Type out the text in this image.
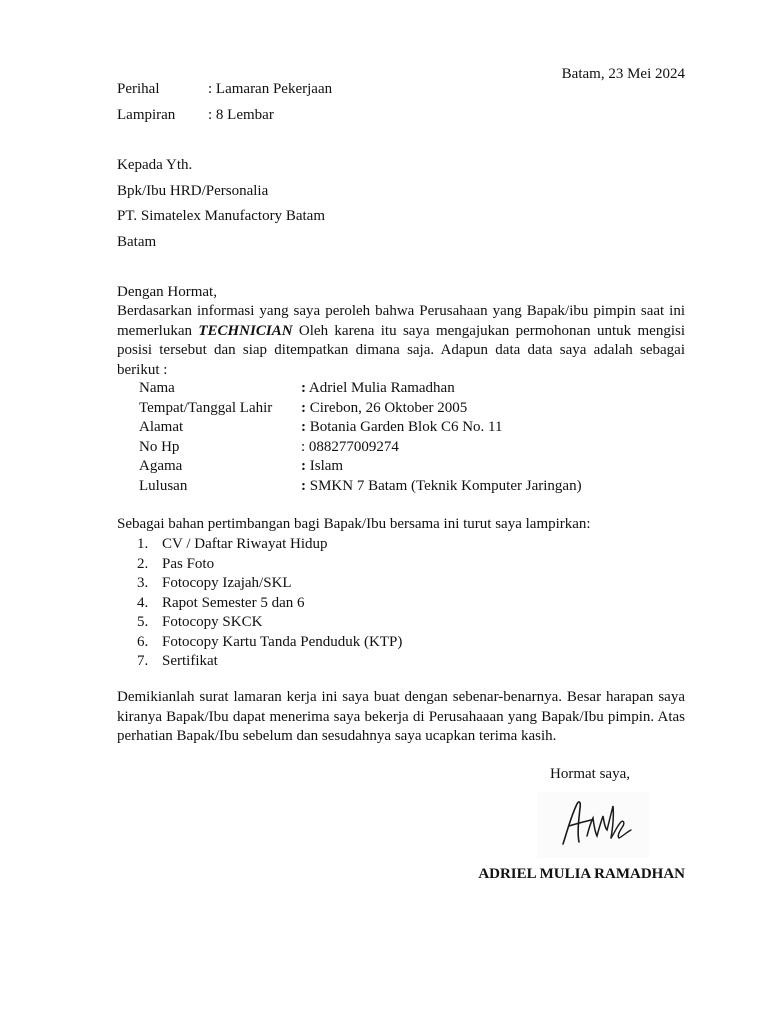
Batam, 23 Mei 2024
Perihal	: Lamaran Pekerjaan
Lampiran : 8 Lembar
Kepada Yth.
Bpk/Ibu HRD/Personalia
PT. Simatelex Manufactory Batam
Batam
Dengan Hormat,

Berdasarkan informasi yang saya peroleh bahwa Perusahaan yang Bapak/ibu pimpin saat ini memerlukan TECHNICIAN Oleh karena itu saya mengajukan permohonan untuk mengisi posisi tersebut dan siap ditempatkan dimana saja. Adapun data data saya adalah sebagai berikut :

Nama	: Adriel Mulia Ramadhan
Tempat/Tanggal Lahir : Cirebon, 26 Oktober 2005
Alamat	: Botania Garden Blok C6 No. 11
No Hp	: 088277009274
Agama	: Islam
Lulusan	: SMKN 7 Batam (Teknik Komputer Jaringan)
Sebagai bahan pertimbangan bagi Bapak/Ibu bersama ini turut saya lampirkan:
1. CV / Daftar Riwayat Hidup
2. Pas Foto
3. Fotocopy Izajah/SKL
4. Rapot Semester 5 dan 6
5. Fotocopy SKCK
6. Fotocopy Kartu Tanda Penduduk (KTP)
7. Sertifikat

Demikianlah surat lamaran kerja ini saya buat dengan sebenar-benarnya. Besar harapan saya kiranya Bapak/Ibu dapat menerima saya bekerja di Perusahaaan yang Bapak/Ibu pimpin. Atas perhatian Bapak/Ibu sebelum dan sesudahnya saya ucapkan terima kasih.

Hormat saya,
ADRIEL MULIA RAMADHAN
